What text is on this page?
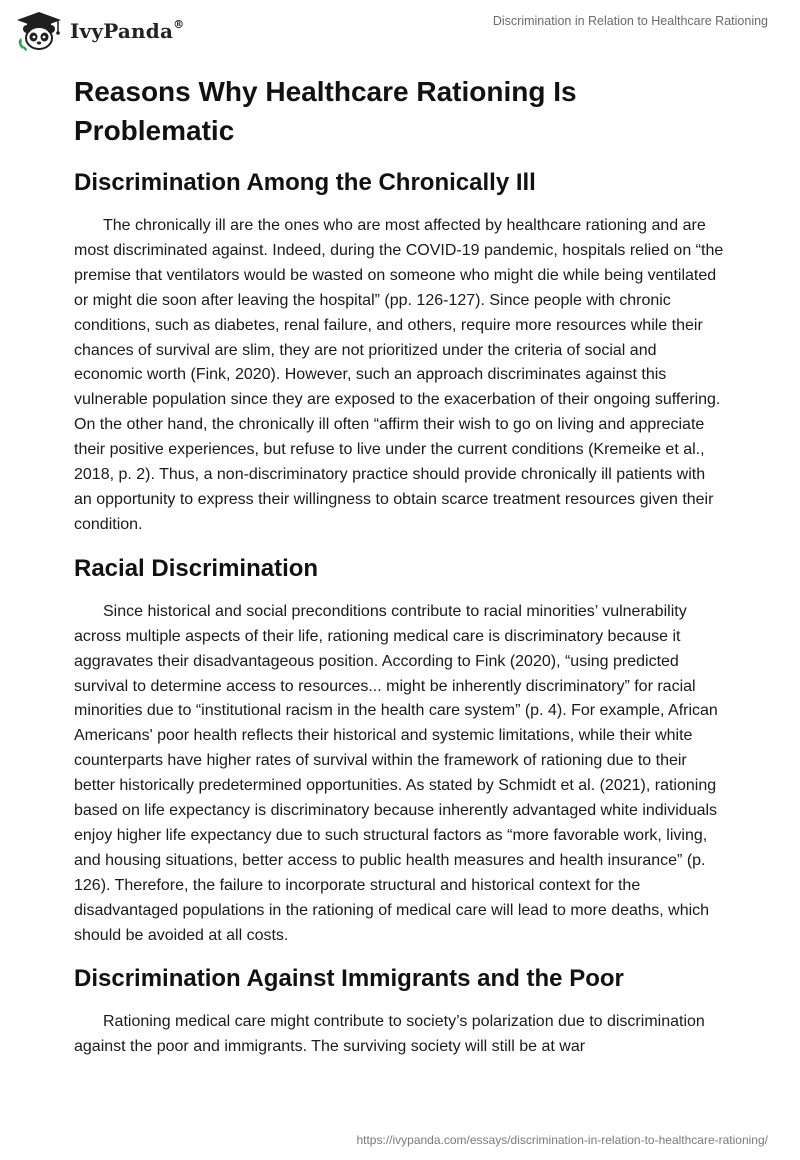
IvyPanda®	Discrimination in Relation to Healthcare Rationing
Reasons Why Healthcare Rationing Is Problematic
Discrimination Among the Chronically Ill

The chronically ill are the ones who are most affected by healthcare rationing and are most discriminated against. Indeed, during the COVID-19 pandemic, hospitals relied on “the premise that ventilators would be wasted on someone who might die while being ventilated or might die soon after leaving the hospital” (pp. 126-127). Since people with chronic conditions, such as diabetes, renal failure, and others, require more resources while their chances of survival are slim, they are not prioritized under the criteria of social and economic worth (Fink, 2020). However, such an approach discriminates against this vulnerable population since they are exposed to the exacerbation of their ongoing suffering. On the other hand, the chronically ill often “affirm their wish to go on living and appreciate their positive experiences, but refuse to live under the current conditions (Kremeike et al., 2018, p. 2). Thus, a non-discriminatory practice should provide chronically ill patients with an opportunity to express their willingness to obtain scarce treatment resources given their condition.

Racial Discrimination

Since historical and social preconditions contribute to racial minorities’ vulnerability across multiple aspects of their life, rationing medical care is discriminatory because it aggravates their disadvantageous position. According to Fink (2020), “using predicted survival to determine access to resources... might be inherently discriminatory” for racial minorities due to “institutional racism in the health care system” (p. 4). For example, African Americans' poor health reflects their historical and systemic limitations, while their white counterparts have higher rates of survival within the framework of rationing due to their better historically predetermined opportunities. As stated by Schmidt et al. (2021), rationing based on life expectancy is discriminatory because inherently advantaged white individuals enjoy higher life expectancy due to such structural factors as “more favorable work, living, and housing situations, better access to public health measures and health insurance” (p. 126). Therefore, the failure to incorporate structural and historical context for the disadvantaged populations in the rationing of medical care will lead to more deaths, which should be avoided at all costs.

Discrimination Against Immigrants and the Poor

Rationing medical care might contribute to society’s polarization due to discrimination against the poor and immigrants. The surviving society will still be at war

https://ivypanda.com/essays/discrimination-in-relation-to-healthcare-rationing/
